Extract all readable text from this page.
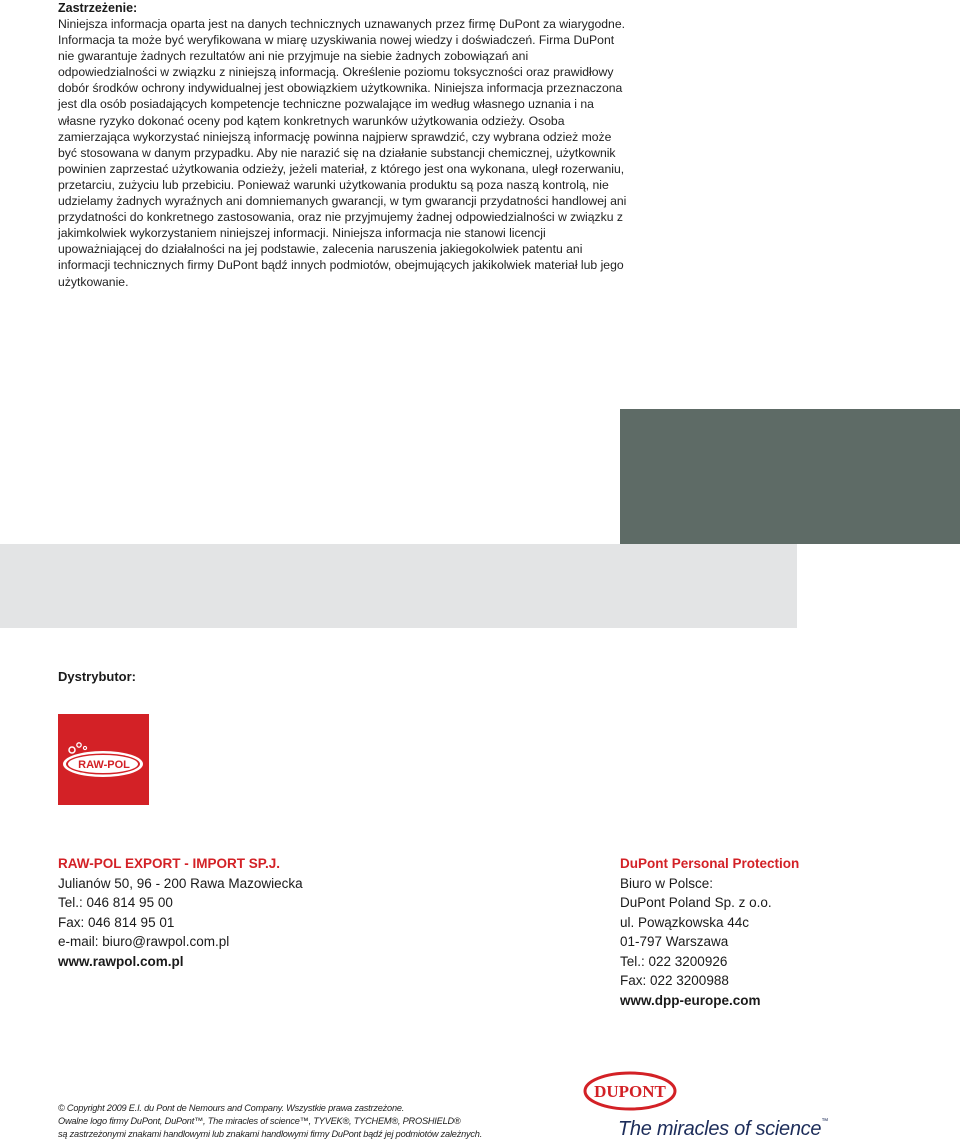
Zastrzeżenie:

Niniejsza informacja oparta jest na danych technicznych uznawanych przez firmę DuPont za wiarygodne. Informacja ta może być weryfikowana w miarę uzyskiwania nowej wiedzy i doświadczeń. Firma DuPont nie gwarantuje żadnych rezultatów ani nie przyjmuje na siebie żadnych zobowiązań ani odpowiedzialności w związku z niniejszą informacją. Określenie poziomu toksyczności oraz prawidłowy dobór środków ochrony indywidualnej jest obowiązkiem użytkownika. Niniejsza informacja przeznaczona jest dla osób posiadających kompetencje techniczne pozwalające im według własnego uznania i na własne ryzyko dokonać oceny pod kątem konkretnych warunków użytkowania odzieży. Osoba zamierzająca wykorzystać niniejszą informację powinna najpierw sprawdzić, czy wybrana odzież może być stosowana w danym przypadku. Aby nie narazić się na działanie substancji chemicznej, użytkownik powinien zaprzestać użytkowania odzieży, jeżeli materiał, z którego jest ona wykonana, uległ rozerwaniu, przetarciu, zużyciu lub przebiciu. Ponieważ warunki użytkowania produktu są poza naszą kontrolą, nie udzielamy żadnych wyraźnych ani domniemanych gwarancji, w tym gwarancji przydatności handlowej ani przydatności do konkretnego zastosowania, oraz nie przyjmujemy żadnej odpowiedzialności w związku z jakimkolwiek wykorzystaniem niniejszej informacji. Niniejsza informacja nie stanowi licencji upoważniającej do działalności na jej podstawie, zalecenia naruszenia jakiegokolwiek patentu ani informacji technicznych firmy DuPont bądź innych podmiotów, obejmujących jakikolwiek materiał lub jego użytkowanie.

Dystrybutor:
RAW-POL
RAW-POL EXPORT - IMPORT SP.J.
Julianów 50, 96 - 200 Rawa Mazowiecka
Tel.: 046 814 95 00
Fax: 046 814 95 01
e-mail: biuro@rawpol.com.pl
www.rawpol.com.pl
DuPont Personal Protection
Biuro w Polsce:
DuPont Poland Sp. z o.o.
ul. Powązkowska 44c
01-797 Warszawa
Tel.: 022 3200926
Fax: 022 3200988
www.dpp-europe.com

© Copyright 2009 E.I. du Pont de Nemours and Company. Wszystkie prawa zastrzeżone.

Owalne logo firmy DuPont, DuPont™, The miracles of science™, TYVEK®, TYCHEM®, PROSHIELD®

są zastrzeżonymi znakami handlowymi lub znakami handlowymi firmy DuPont bądź jej podmiotów zależnych.

DUPONT
The miracles of science™
